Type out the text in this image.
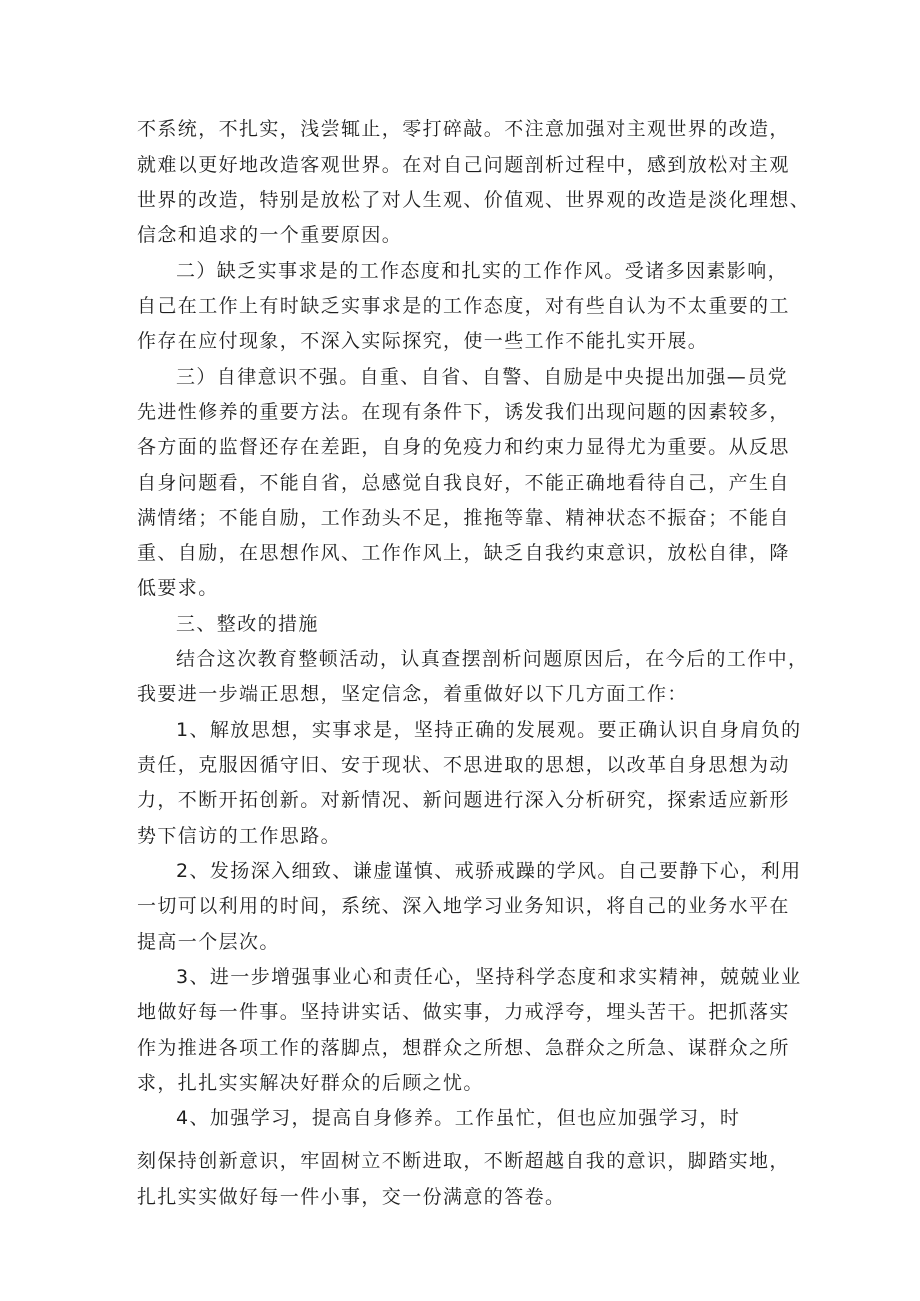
不系统，不扎实，浅尝辄止，零打碎敲。不注意加强对主观世界的改造，
就难以更好地改造客观世界。在对自己问题剖析过程中，感到放松对主观
世界的改造，特别是放松了对人生观、价值观、世界观的改造是淡化理想、
信念和追求的一个重要原因。
二）缺乏实事求是的工作态度和扎实的工作作风。受诸多因素影响，
自己在工作上有时缺乏实事求是的工作态度，对有些自认为不太重要的工
作存在应付现象，不深入实际探究，使一些工作不能扎实开展。
三）自律意识不强。自重、自省、自警、自励是中央提出加强—员党
先进性修养的重要方法。在现有条件下，诱发我们出现问题的因素较多，
各方面的监督还存在差距，自身的免疫力和约束力显得尤为重要。从反思
自身问题看，不能自省，总感觉自我良好，不能正确地看待自己，产生自
满情绪；不能自励，工作劲头不足，推拖等靠、精神状态不振奋；不能自
重、自励，在思想作风、工作作风上，缺乏自我约束意识，放松自律，降
低要求。
三、整改的措施
结合这次教育整顿活动，认真查摆剖析问题原因后，在今后的工作中，
我要进一步端正思想，坚定信念，着重做好以下几方面工作：
1、解放思想，实事求是，坚持正确的发展观。要正确认识自身肩负的
责任，克服因循守旧、安于现状、不思进取的思想，以改革自身思想为动
力，不断开拓创新。对新情况、新问题进行深入分析研究，探索适应新形
势下信访的工作思路。
2、发扬深入细致、谦虚谨慎、戒骄戒躁的学风。自己要静下心，利用
一切可以利用的时间，系统、深入地学习业务知识，将自己的业务水平在
提高一个层次。
3、进一步增强事业心和责任心，坚持科学态度和求实精神，兢兢业业
地做好每一件事。坚持讲实话、做实事，力戒浮夸，埋头苦干。把抓落实
作为推进各项工作的落脚点，想群众之所想、急群众之所急、谋群众之所
求，扎扎实实解决好群众的后顾之忧。
4、加强学习，提高自身修养。工作虽忙，但也应加强学习，时
刻保持创新意识，牢固树立不断进取，不断超越自我的意识，脚踏实地，
扎扎实实做好每一件小事，交一份满意的答卷。
